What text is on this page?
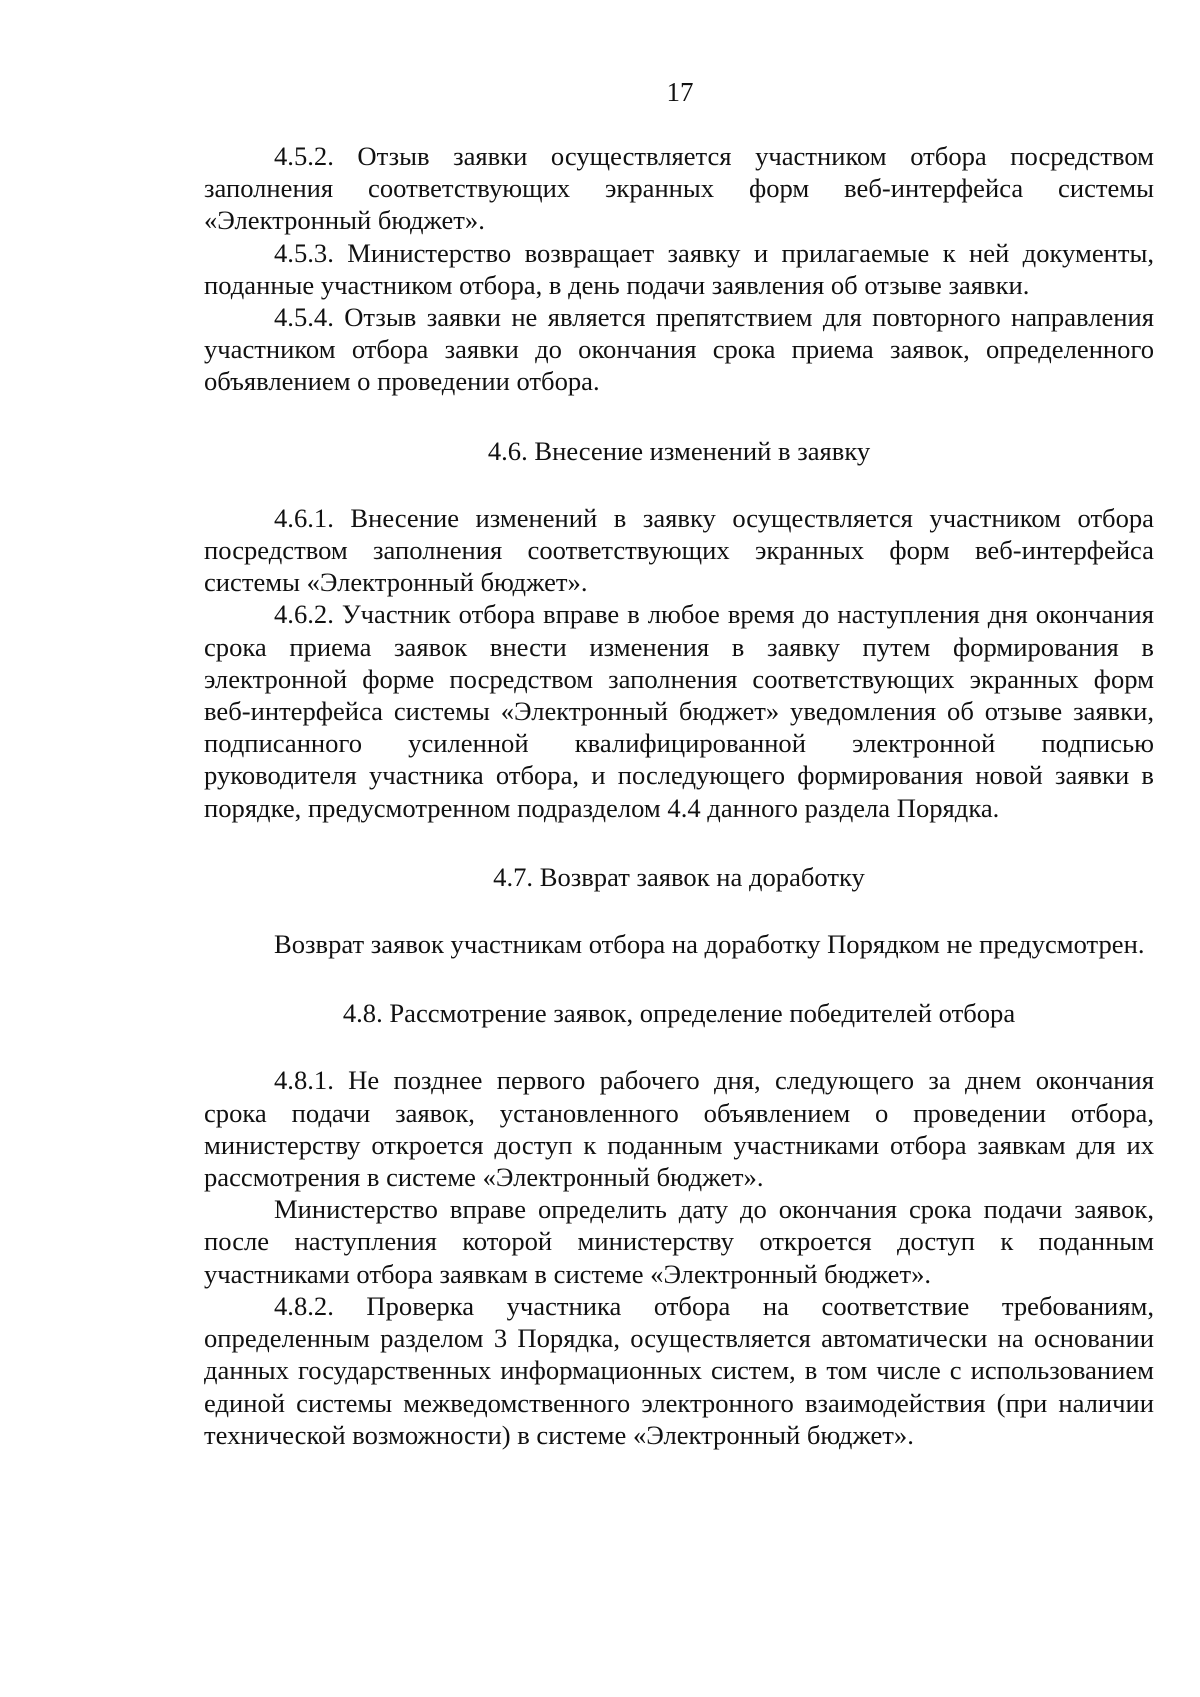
17

4.5.2. Отзыв заявки осуществляется участником отбора посредством заполнения соответствующих экранных форм веб-интерфейса системы «Электронный бюджет».

4.5.3. Министерство возвращает заявку и прилагаемые к ней документы, поданные участником отбора, в день подачи заявления об отзыве заявки.

4.5.4. Отзыв заявки не является препятствием для повторного направления участником отбора заявки до окончания срока приема заявок, определенного объявлением о проведении отбора.

4.6. Внесение изменений в заявку

4.6.1. Внесение изменений в заявку осуществляется участником отбора посредством заполнения соответствующих экранных форм веб-интерфейса системы «Электронный бюджет».

4.6.2. Участник отбора вправе в любое время до наступления дня окончания срока приема заявок внести изменения в заявку путем формирования в электронной форме посредством заполнения соответствующих экранных форм веб-интерфейса системы «Электронный бюджет» уведомления об отзыве заявки, подписанного усиленной квалифицированной электронной подписью руководителя участника отбора, и последующего формирования новой заявки в порядке, предусмотренном подразделом 4.4 данного раздела Порядка.

4.7. Возврат заявок на доработку

Возврат заявок участникам отбора на доработку Порядком не предусмотрен.

4.8. Рассмотрение заявок, определение победителей отбора

4.8.1. Не позднее первого рабочего дня, следующего за днем окончания срока подачи заявок, установленного объявлением о проведении отбора, министерству откроется доступ к поданным участниками отбора заявкам для их рассмотрения в системе «Электронный бюджет».

Министерство вправе определить дату до окончания срока подачи заявок, после наступления которой министерству откроется доступ к поданным участниками отбора заявкам в системе «Электронный бюджет».

4.8.2. Проверка участника отбора на соответствие требованиям, определенным разделом 3 Порядка, осуществляется автоматически на основании данных государственных информационных систем, в том числе с использованием единой системы межведомственного электронного взаимодействия (при наличии технической возможности) в системе «Электронный бюджет».
